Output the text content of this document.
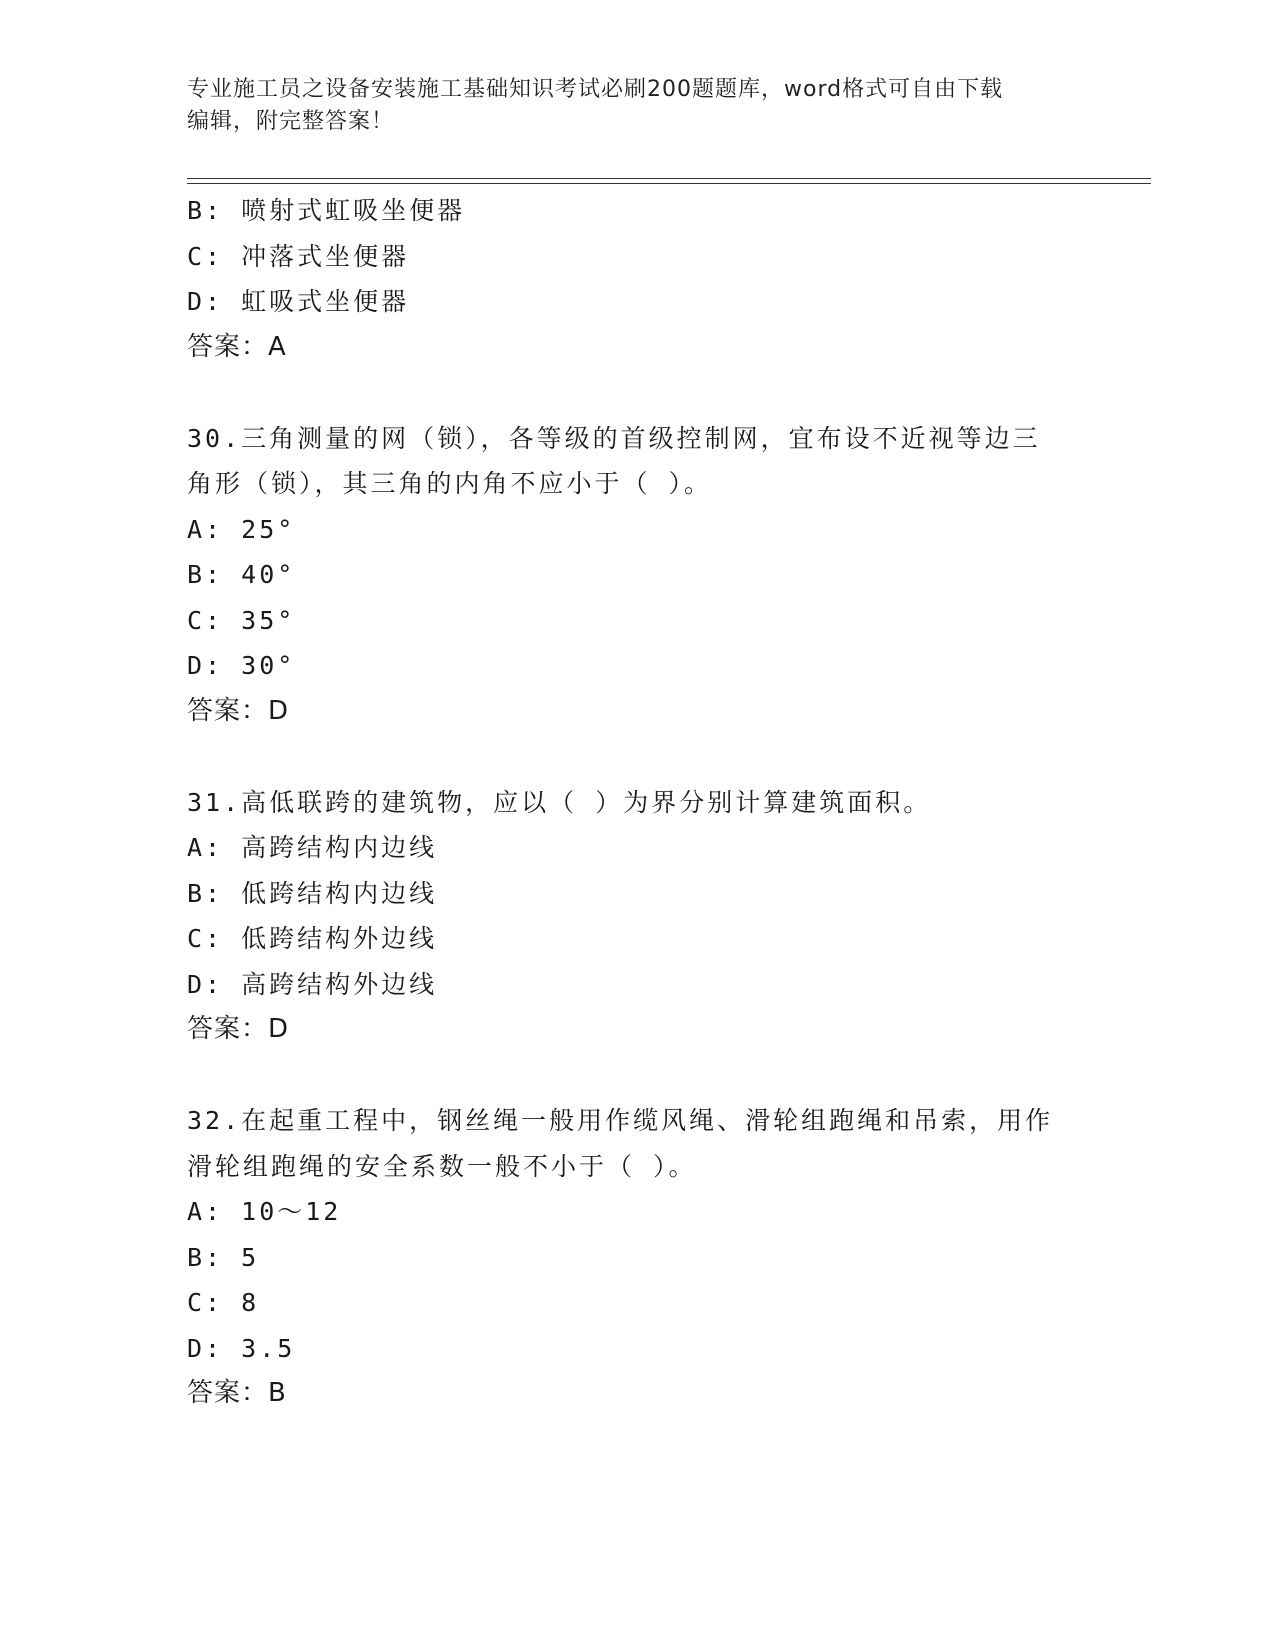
专业施工员之设备安装施工基础知识考试必刷200题题库，word格式可自由下载
编辑，附完整答案！
B: 喷射式虹吸坐便器
C: 冲落式坐便器
D: 虹吸式坐便器
答案：A
30.三角测量的网（锁），各等级的首级控制网，宜布设不近视等边三
角形（锁），其三角的内角不应小于（ ）。
A: 25°
B: 40°
C: 35°
D: 30°
答案：D
31.高低联跨的建筑物，应以（ ）为界分别计算建筑面积。
A: 高跨结构内边线
B: 低跨结构内边线
C: 低跨结构外边线
D: 高跨结构外边线
答案：D
32.在起重工程中，钢丝绳一般用作缆风绳、滑轮组跑绳和吊索，用作
滑轮组跑绳的安全系数一般不小于（ ）。
A: 10～12
B: 5
C: 8
D: 3.5
答案：B
